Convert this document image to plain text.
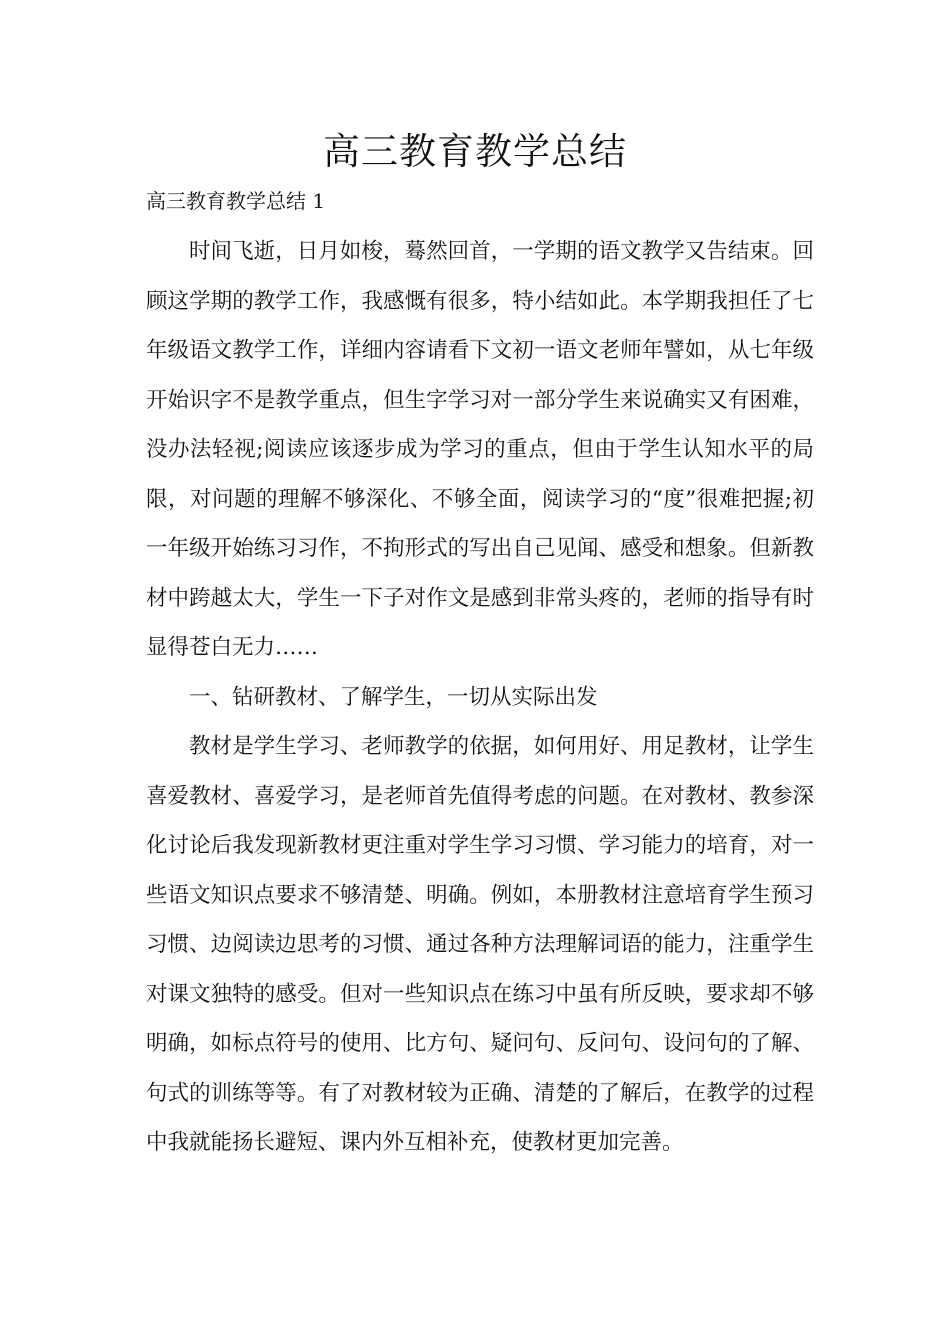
高三教育教学总结
高三教育教学总结 1

时间飞逝，日月如梭，蓦然回首，一学期的语文教学又告结束。回顾这学期的教学工作，我感慨有很多，特小结如此。本学期我担任了七年级语文教学工作，详细内容请看下文初一语文老师年譬如，从七年级开始识字不是教学重点，但生字学习对一部分学生来说确实又有困难，没办法轻视;阅读应该逐步成为学习的重点，但由于学生认知水平的局限，对问题的理解不够深化、不够全面，阅读学习的“度”很难把握;初一年级开始练习习作，不拘形式的写出自己见闻、感受和想象。但新教材中跨越太大，学生一下子对作文是感到非常头疼的，老师的指导有时显得苍白无力……

一、钻研教材、了解学生，一切从实际出发

教材是学生学习、老师教学的依据，如何用好、用足教材，让学生喜爱教材、喜爱学习，是老师首先值得考虑的问题。在对教材、教参深化讨论后我发现新教材更注重对学生学习习惯、学习能力的培育，对一些语文知识点要求不够清楚、明确。例如，本册教材注意培育学生预习习惯、边阅读边思考的习惯、通过各种方法理解词语的能力，注重学生对课文独特的感受。但对一些知识点在练习中虽有所反映，要求却不够明确，如标点符号的使用、比方句、疑问句、反问句、设问句的了解、句式的训练等等。有了对教材较为正确、清楚的了解后，在教学的过程中我就能扬长避短、课内外互相补充，使教材更加完善。
